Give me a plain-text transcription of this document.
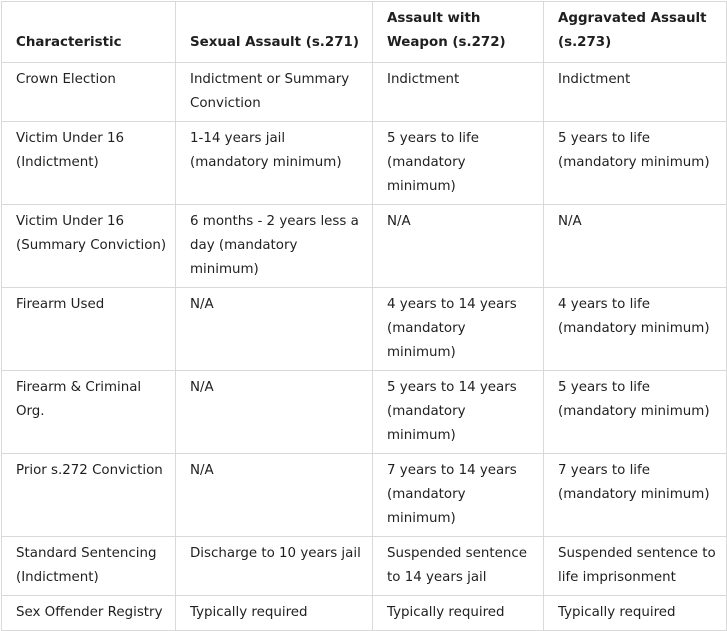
Characteristic	Sexual Assault (s.271)	Assault with Weapon (s.272)	Aggravated Assault (s.273)
Crown Election	Indictment or Summary Conviction	Indictment	Indictment
Victim Under 16 (Indictment)	1-14 years jail (mandatory minimum)	5 years to life (mandatory minimum)	5 years to life (mandatory minimum)
Victim Under 16 (Summary Conviction)	6 months - 2 years less a day (mandatory minimum)	N/A	N/A
Firearm Used	N/A	4 years to 14 years (mandatory minimum)	4 years to life (mandatory minimum)
Firearm & Criminal Org.	N/A	5 years to 14 years (mandatory minimum)	5 years to life (mandatory minimum)
Prior s.272 Conviction	N/A	7 years to 14 years (mandatory minimum)	7 years to life (mandatory minimum)
Standard Sentencing (Indictment)	Discharge to 10 years jail	Suspended sentence to 14 years jail	Suspended sentence to life imprisonment
Sex Offender Registry	Typically required	Typically required	Typically required
